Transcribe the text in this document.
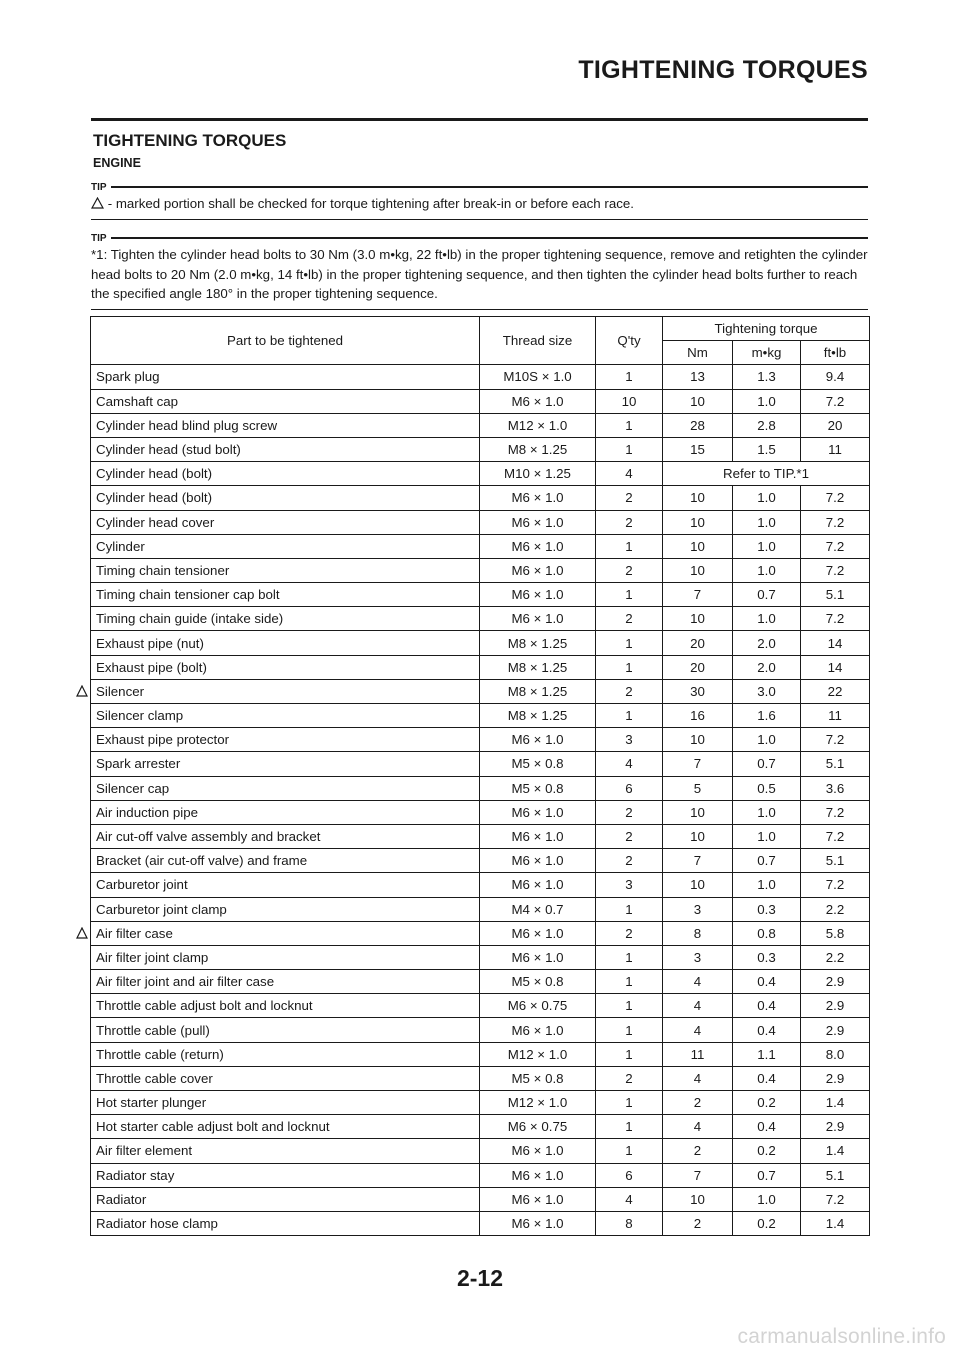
TIGHTENING TORQUES
TIGHTENING TORQUES
ENGINE
TIP
- marked portion shall be checked for torque tightening after break-in or before each race.
TIP
*1: Tighten the cylinder head bolts to 30 Nm (3.0 m•kg, 22 ft•lb) in the proper tightening sequence, remove and retighten the cylinder head bolts to 20 Nm (2.0 m•kg, 14 ft•lb) in the proper tightening sequence, and then tighten the cylinder head bolts further to reach the specified angle 180° in the proper tightening sequence.
Part to be tightened	Thread size	Q'ty	Tightening torque		
			Nm	m•kg	ft•lb
Spark plug	M10S × 1.0	1	13	1.3	9.4
Camshaft cap	M6 × 1.0	10	10	1.0	7.2
Cylinder head blind plug screw	M12 × 1.0	1	28	2.8	20
Cylinder head (stud bolt)	M8 × 1.25	1	15	1.5	11
Cylinder head (bolt)	M10 × 1.25	4	Refer to TIP.*1		
Cylinder head (bolt)	M6 × 1.0	2	10	1.0	7.2
Cylinder head cover	M6 × 1.0	2	10	1.0	7.2
Cylinder	M6 × 1.0	1	10	1.0	7.2
Timing chain tensioner	M6 × 1.0	2	10	1.0	7.2
Timing chain tensioner cap bolt	M6 × 1.0	1	7	0.7	5.1
Timing chain guide (intake side)	M6 × 1.0	2	10	1.0	7.2
Exhaust pipe (nut)	M8 × 1.25	1	20	2.0	14
Exhaust pipe (bolt)	M8 × 1.25	1	20	2.0	14
Silencer	M8 × 1.25	2	30	3.0	22
Silencer clamp	M8 × 1.25	1	16	1.6	11
Exhaust pipe protector	M6 × 1.0	3	10	1.0	7.2
Spark arrester	M5 × 0.8	4	7	0.7	5.1
Silencer cap	M5 × 0.8	6	5	0.5	3.6
Air induction pipe	M6 × 1.0	2	10	1.0	7.2
Air cut-off valve assembly and bracket	M6 × 1.0	2	10	1.0	7.2
Bracket (air cut-off valve) and frame	M6 × 1.0	2	7	0.7	5.1
Carburetor joint	M6 × 1.0	3	10	1.0	7.2
Carburetor joint clamp	M4 × 0.7	1	3	0.3	2.2
Air filter case	M6 × 1.0	2	8	0.8	5.8
Air filter joint clamp	M6 × 1.0	1	3	0.3	2.2
Air filter joint and air filter case	M5 × 0.8	1	4	0.4	2.9
Throttle cable adjust bolt and locknut	M6 × 0.75	1	4	0.4	2.9
Throttle cable (pull)	M6 × 1.0	1	4	0.4	2.9
Throttle cable (return)	M12 × 1.0	1	11	1.1	8.0
Throttle cable cover	M5 × 0.8	2	4	0.4	2.9
Hot starter plunger	M12 × 1.0	1	2	0.2	1.4
Hot starter cable adjust bolt and locknut	M6 × 0.75	1	4	0.4	2.9
Air filter element	M6 × 1.0	1	2	0.2	1.4
Radiator stay	M6 × 1.0	6	7	0.7	5.1
Radiator	M6 × 1.0	4	10	1.0	7.2
Radiator hose clamp	M6 × 1.0	8	2	0.2	1.4
2-12
carmanualsonline.info
